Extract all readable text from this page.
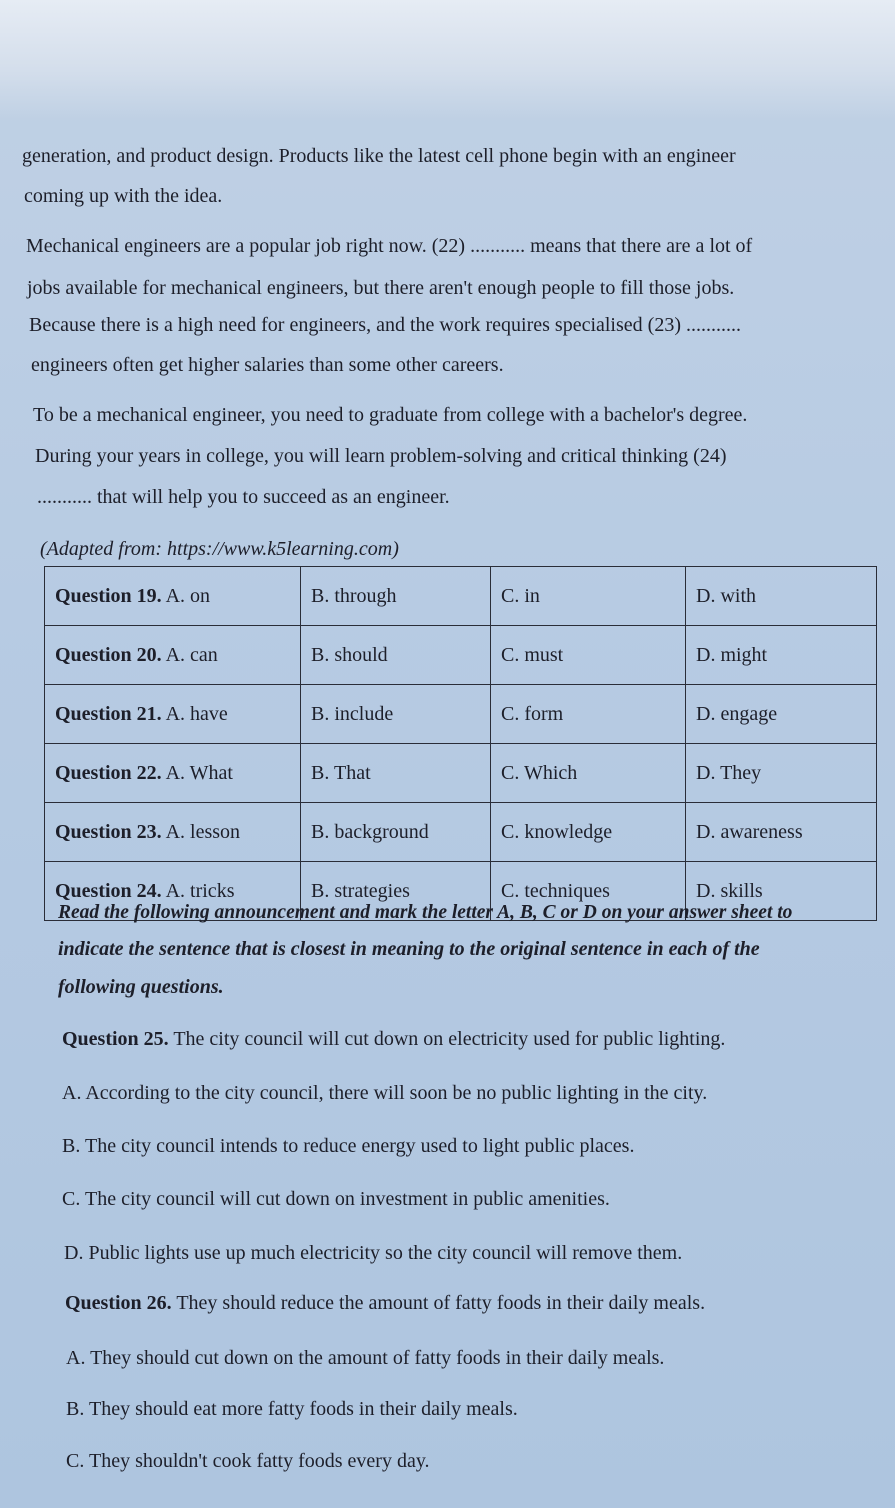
generation, and product design. Products like the latest cell phone begin with an engineer
coming up with the idea.
Mechanical engineers are a popular job right now. (22) ........... means that there are a lot of
jobs available for mechanical engineers, but there aren't enough people to fill those jobs.
Because there is a high need for engineers, and the work requires specialised (23) ...........
engineers often get higher salaries than some other careers.
To be a mechanical engineer, you need to graduate from college with a bachelor's degree.
During your years in college, you will learn problem-solving and critical thinking (24)
........... that will help you to succeed as an engineer.
(Adapted from: https://www.k5learning.com)
Question 19. A. on	B. through	C. in	D. with
Question 20. A. can	B. should	C. must	D. might
Question 21. A. have	B. include	C. form	D. engage
Question 22. A. What	B. That	C. Which	D. They
Question 23. A. lesson	B. background	C. knowledge	D. awareness
Question 24. A. tricks	B. strategies	C. techniques	D. skills
Read the following announcement and mark the letter A, B, C or D on your answer sheet to
indicate the sentence that is closest in meaning to the original sentence in each of the
following questions.
Question 25. The city council will cut down on electricity used for public lighting.
A. According to the city council, there will soon be no public lighting in the city.
B. The city council intends to reduce energy used to light public places.
C. The city council will cut down on investment in public amenities.
D. Public lights use up much electricity so the city council will remove them.
Question 26. They should reduce the amount of fatty foods in their daily meals.
A. They should cut down on the amount of fatty foods in their daily meals.
B. They should eat more fatty foods in their daily meals.
C. They shouldn't cook fatty foods every day.
